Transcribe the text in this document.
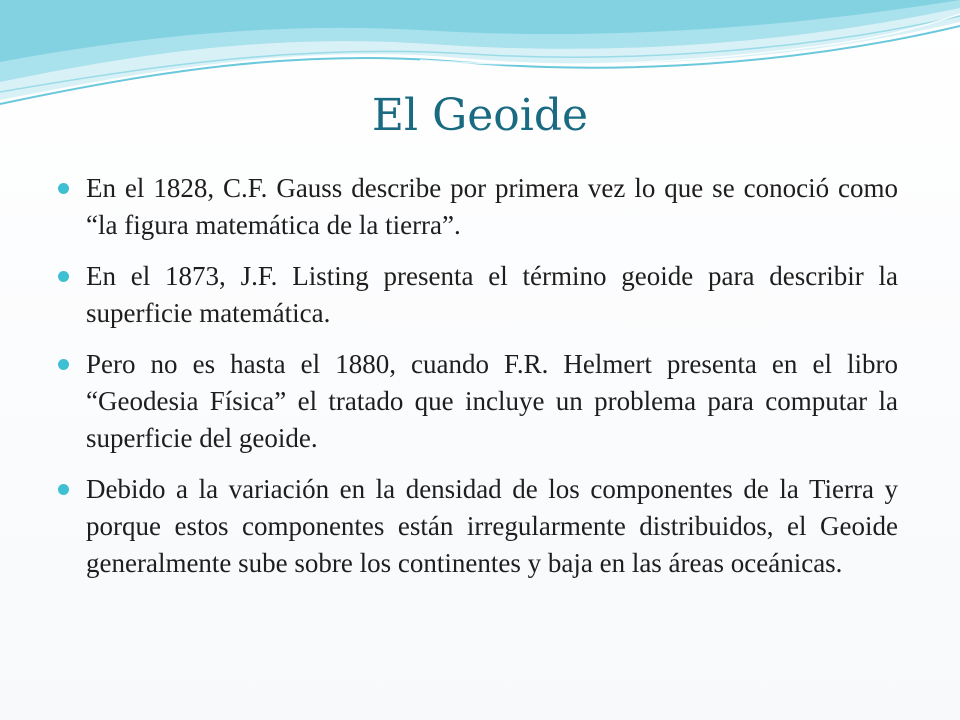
El Geoide
En el 1828, C.F. Gauss describe por primera vez lo que se conoció como “la figura matemática de la tierra”.
En el 1873, J.F. Listing presenta el término geoide para describir la superficie matemática.
Pero no es hasta el 1880, cuando F.R. Helmert presenta en el libro “Geodesia Física” el tratado que incluye un problema para computar la superficie del geoide.
Debido a la variación en la densidad de los componentes de la Tierra y porque estos componentes están irregularmente distribuidos, el Geoide generalmente sube sobre los continentes y baja en las áreas oceánicas.
